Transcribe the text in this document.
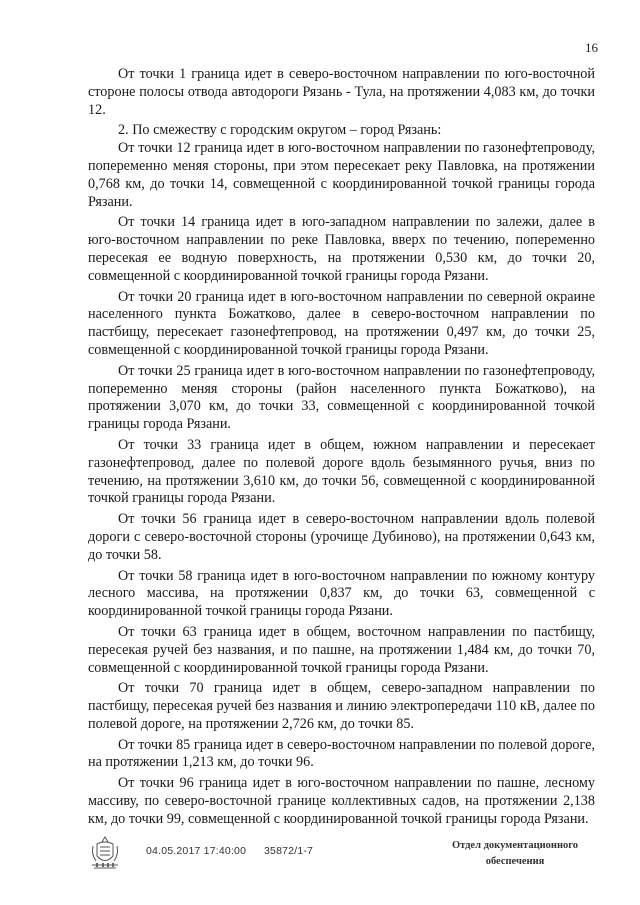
16

От точки 1 граница идет в северо-восточном направлении по юго-восточной стороне полосы отвода автодороги Рязань - Тула, на протяжении 4,083 км, до точки 12.

2. По смежеству с городским округом – город Рязань:

От точки 12 граница идет в юго-восточном направлении по газонефтепроводу, попеременно меняя стороны, при этом пересекает реку Павловка, на протяжении 0,768 км, до точки 14, совмещенной с координированной точкой границы города Рязани.

От точки 14 граница идет в юго-западном направлении по залежи, далее в юго-восточном направлении по реке Павловка, вверх по течению, попеременно пересекая ее водную поверхность, на протяжении 0,530 км, до точки 20, совмещенной с координированной точкой границы города Рязани.

От точки 20 граница идет в юго-восточном направлении по северной окраине населенного пункта Божатково, далее в северо-восточном направлении по пастбищу, пересекает газонефтепровод, на протяжении 0,497 км, до точки 25, совмещенной с координированной точкой границы города Рязани.

От точки 25 граница идет в юго-восточном направлении по газонефтепроводу, попеременно меняя стороны (район населенного пункта Божатково), на протяжении 3,070 км, до точки 33, совмещенной с координированной точкой границы города Рязани.

От точки 33 граница идет в общем, южном направлении и пересекает газонефтепровод, далее по полевой дороге вдоль безымянного ручья, вниз по течению, на протяжении 3,610 км, до точки 56, совмещенной с координированной точкой границы города Рязани.

От точки 56 граница идет в северо-восточном направлении вдоль полевой дороги с северо-восточной стороны (урочище Дубиново), на протяжении 0,643 км, до точки 58.

От точки 58 граница идет в юго-восточном направлении по южному контуру лесного массива, на протяжении 0,837 км, до точки 63, совмещенной с координированной точкой границы города Рязани.

От точки 63 граница идет в общем, восточном направлении по пастбищу, пересекая ручей без названия, и по пашне, на протяжении 1,484 км, до точки 70, совмещенной с координированной точкой границы города Рязани.

От точки 70 граница идет в общем, северо-западном направлении по пастбищу, пересекая ручей без названия и линию электропередачи 110 кВ, далее по полевой дороге, на протяжении 2,726 км, до точки 85.

От точки 85 граница идет в северо-восточном направлении по полевой дороге, на протяжении 1,213 км, до точки 96.

От точки 96 граница идет в юго-восточном направлении по пашне, лесному массиву, по северо-восточной границе коллективных садов, на протяжении 2,138 км, до точки 99, совмещенной с координированной точкой границы города Рязани.

04.05.2017 17:40:00 35872/1-7	Отдел документационного
обеспечения
